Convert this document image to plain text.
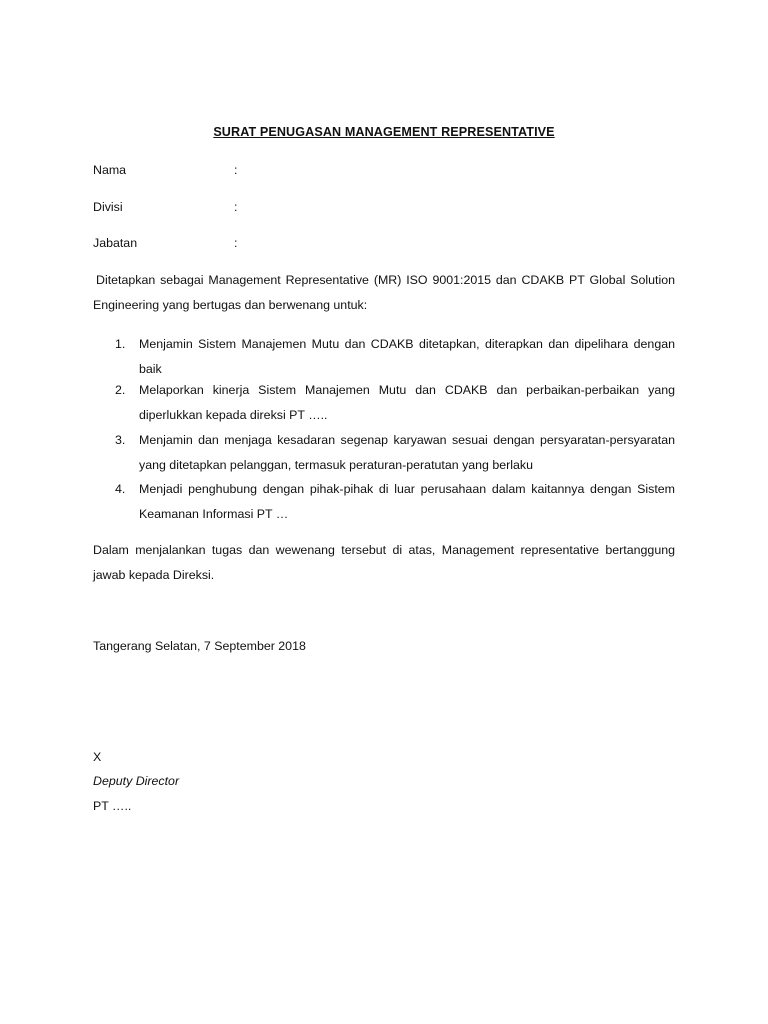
SURAT PENUGASAN MANAGEMENT REPRESENTATIVE
Nama	:
Divisi	:
Jabatan	:
Ditetapkan sebagai Management Representative (MR) ISO 9001:2015 dan CDAKB PT Global Solution Engineering yang bertugas dan berwenang untuk:
1. Menjamin Sistem Manajemen Mutu dan CDAKB ditetapkan, diterapkan dan dipelihara dengan baik
2. Melaporkan kinerja Sistem Manajemen Mutu dan CDAKB dan perbaikan-perbaikan yang diperlukkan kepada direksi PT …..
3. Menjamin dan menjaga kesadaran segenap karyawan sesuai dengan persyaratan-persyaratan yang ditetapkan pelanggan, termasuk peraturan-peratutan yang berlaku
4. Menjadi penghubung dengan pihak-pihak di luar perusahaan dalam kaitannya dengan Sistem Keamanan Informasi PT …
Dalam menjalankan tugas dan wewenang tersebut di atas, Management representative bertanggung jawab kepada Direksi.
Tangerang Selatan, 7 September 2018
X
Deputy Director
PT …..
